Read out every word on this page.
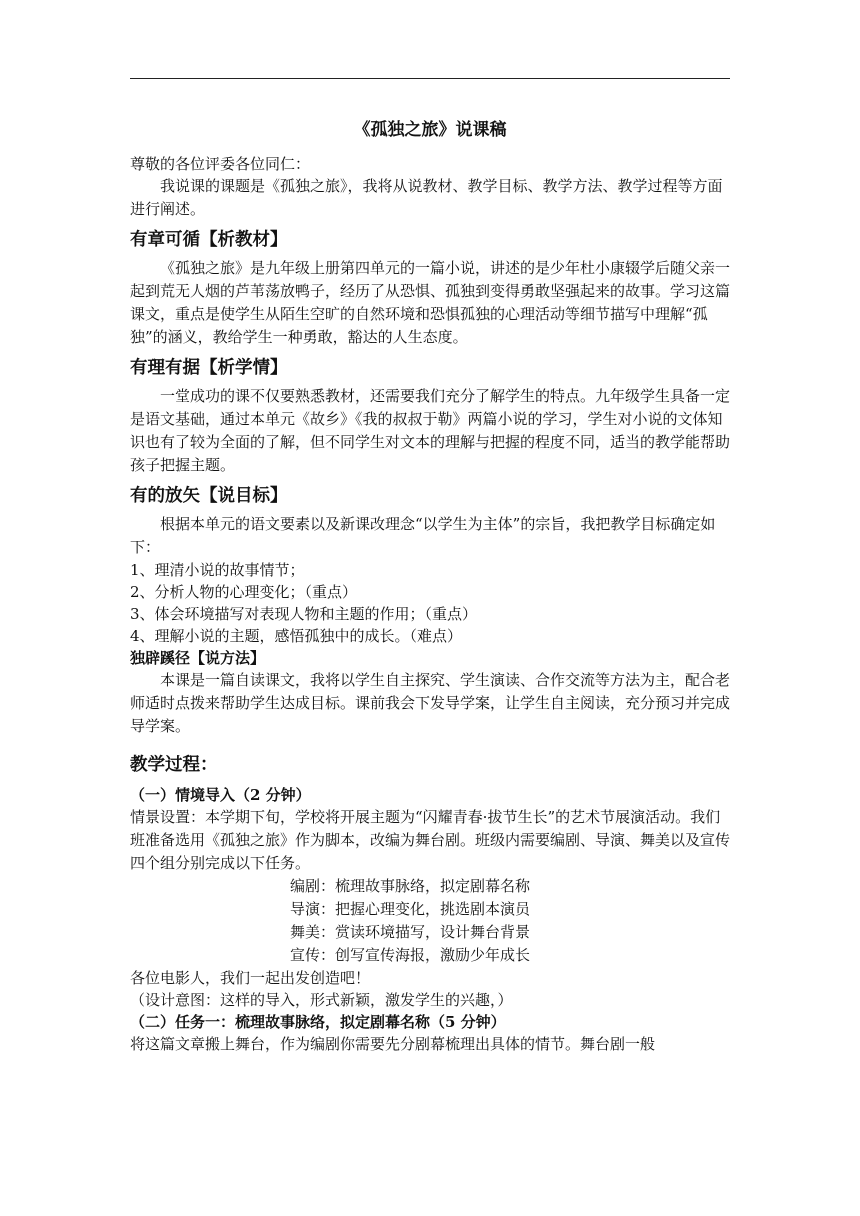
《孤独之旅》说课稿

尊敬的各位评委各位同仁：

我说课的课题是《孤独之旅》，我将从说教材、教学目标、教学方法、教学过程等方面进行阐述。

有章可循【析教材】

《孤独之旅》是九年级上册第四单元的一篇小说，讲述的是少年杜小康辍学后随父亲一起到荒无人烟的芦苇荡放鸭子，经历了从恐惧、孤独到变得勇敢坚强起来的故事。学习这篇课文，重点是使学生从陌生空旷的自然环境和恐惧孤独的心理活动等细节描写中理解“孤独”的涵义，教给学生一种勇敢，豁达的人生态度。

有理有据【析学情】

一堂成功的课不仅要熟悉教材，还需要我们充分了解学生的特点。九年级学生具备一定是语文基础，通过本单元《故乡》《我的叔叔于勒》两篇小说的学习，学生对小说的文体知识也有了较为全面的了解，但不同学生对文本的理解与把握的程度不同，适当的教学能帮助孩子把握主题。

有的放矢【说目标】

根据本单元的语文要素以及新课改理念“以学生为主体”的宗旨，我把教学目标确定如下：

1、理清小说的故事情节；
2、分析人物的心理变化；（重点）
3、体会环境描写对表现人物和主题的作用；（重点）
4、理解小说的主题，感悟孤独中的成长。（难点）
独辟蹊径【说方法】

本课是一篇自读课文，我将以学生自主探究、学生演读、合作交流等方法为主，配合老师适时点拨来帮助学生达成目标。课前我会下发导学案，让学生自主阅读，充分预习并完成导学案。

教学过程：
（一）情境导入（2 分钟）

情景设置：本学期下旬，学校将开展主题为“闪耀青春·拔节生长”的艺术节展演活动。我们班准备选用《孤独之旅》作为脚本，改编为舞台剧。班级内需要编剧、导演、舞美以及宣传四个组分别完成以下任务。

编剧：梳理故事脉络，拟定剧幕名称
导演：把握心理变化，挑选剧本演员
舞美：赏读环境描写，设计舞台背景
宣传：创写宣传海报，激励少年成长

各位电影人，我们一起出发创造吧！

（设计意图：这样的导入，形式新颖，激发学生的兴趣，）

（二）任务一：梳理故事脉络，拟定剧幕名称（5 分钟）

将这篇文章搬上舞台，作为编剧你需要先分剧幕梳理出具体的情节。舞台剧一般
